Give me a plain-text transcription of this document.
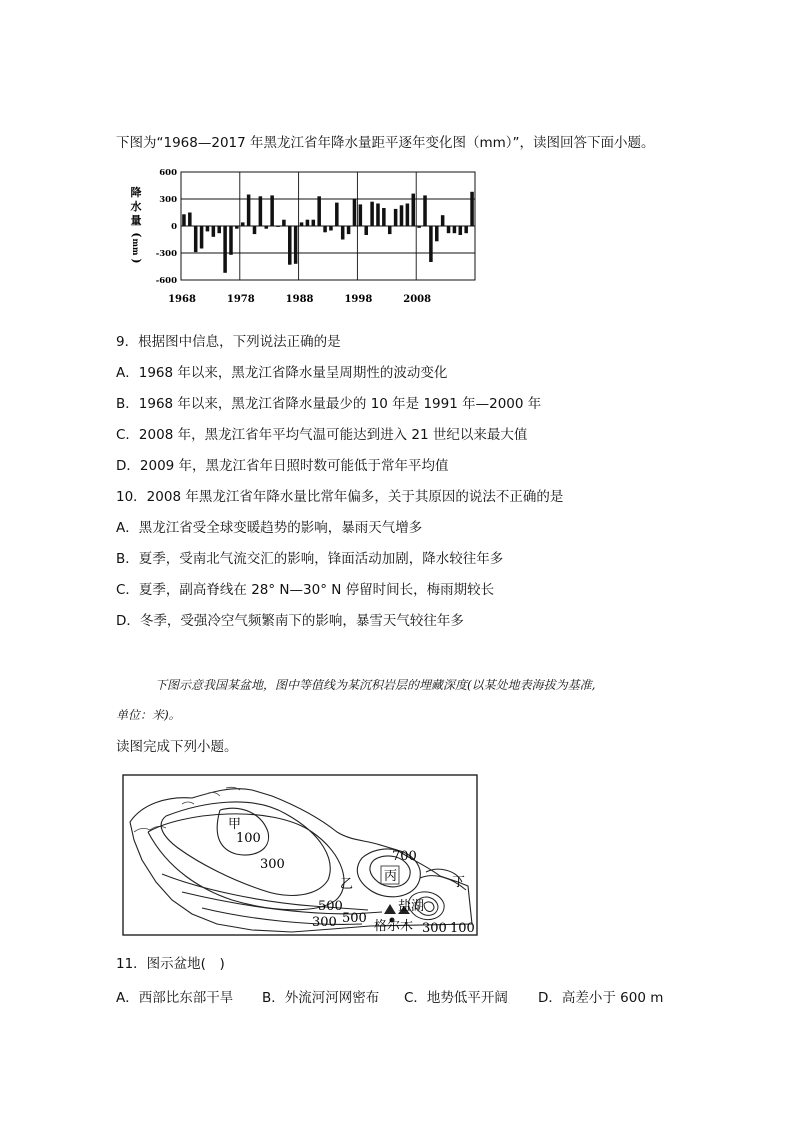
下图为“1968—2017 年黑龙江省年降水量距平逐年变化图（mm）”，读图回答下面小题。
降
水
量
(
mm
)
600
300
0
-300
-600
1968	1978	1988	1998	2008
9．根据图中信息，下列说法正确的是
A．1968 年以来，黑龙江省降水量呈周期性的波动变化
B．1968 年以来，黑龙江省降水量最少的 10 年是 1991 年—2000 年
C．2008 年，黑龙江省年平均气温可能达到进入 21 世纪以来最大值
D．2009 年，黑龙江省年日照时数可能低于常年平均值
10．2008 年黑龙江省年降水量比常年偏多，关于其原因的说法不正确的是
A．黑龙江省受全球变暖趋势的影响，暴雨天气增多
B．夏季，受南北气流交汇的影响，锋面活动加剧，降水较往年多
C．夏季，副高脊线在 28° N—30° N 停留时间长，梅雨期较长
D．冬季，受强冷空气频繁南下的影响，暴雪天气较往年多
下图示意我国某盆地，图中等值线为某沉积岩层的埋藏深度(以某处地表海拔为基准,
单位：米)。
读图完成下列小题。
甲
乙
丙	丁
盐湖
格尔木
100
300
500
500
700
300	300 100
11．图示盆地(　)
A．西部比东部干旱 B．外流河河网密布 C．地势低平开阔 D．高差小于 600 m
